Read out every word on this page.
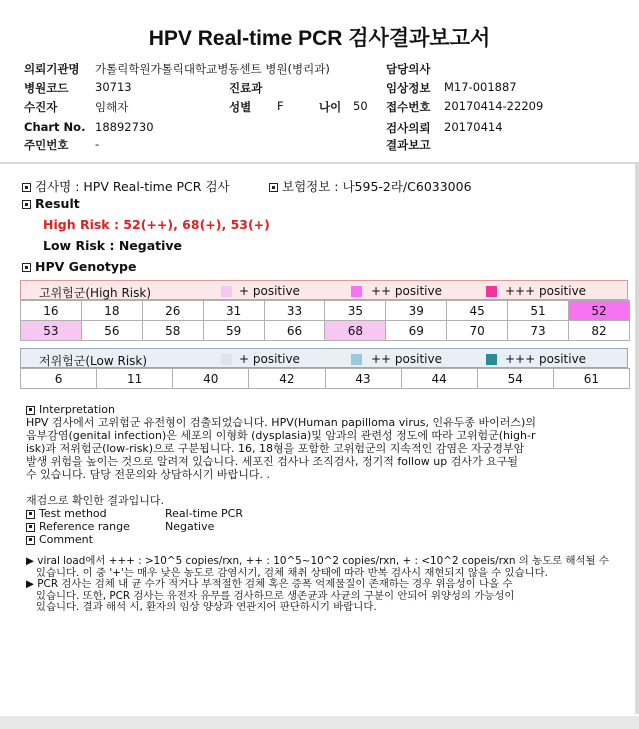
HPV Real-time PCR 검사결과보고서
의뢰기관명 가톨릭학원가톨릭대학교병동센트 병원(병리과)	담당의사
병원코드 30713	진료과	임상정보 M17-001887
수진자	임해자	성별 F	나이 50 접수번호 20170414-22209
Chart No. 18892730	검사의뢰 20170414
주민번호 -	결과보고
검사명 : HPV Real-time PCR 검사	보험정보 : 나595-2라/C6033006
Result
High Risk : 52(++), 68(+), 53(+)
Low Risk : Negative
HPV Genotype
고위험군(High Risk)	+ positive	++ positive	+++ positive
16	18	26	31	33	35	39	45	51	52
53	56	58	59	66	68	69	70	73	82
저위험군(Low Risk)	+ positive	++ positive	+++ positive
6	11	40	42	43	44	54	61

Interpretation

HPV 검사에서 고위험군 유전형이 검출되었습니다. HPV(Human papilloma virus, 인유두종 바이러스)의

음부감염(genital infection)은 세포의 이형화 (dysplasia)및 암과의 관련성 정도에 따라 고위험군(high-r

isk)과 저위험군(low-risk)으로 구분됩니다. 16, 18형을 포함한 고위험군의 지속적인 감염은 자궁경부암

발생 위험을 높이는 것으로 알려져 있습니다. 세포진 검사나 조직검사, 정기적 follow up 검사가 요구될

수 있습니다. 담당 전문의와 상담하시기 바랍니다. .

재검으로 확인한 결과입니다.

Test method	Real-time PCR

Reference range	Negative

Comment

▶ viral load에서 +++ : >10^5 copies/rxn, ++ : 10^5~10^2 copies/rxn, + : <10^2 copeis/rxn 의 농도로 해석될 수
있습니다. 이 중 '+'는 매우 낮은 농도로 감염시기, 검체 채취 상태에 따라 반복 검사시 재현되지 않을 수 있습니다.
▶ PCR 검사는 검체 내 균 수가 적거나 부적절한 검체 혹은 증폭 억제물질이 존재하는 경우 위음성이 나올 수
있습니다. 또한, PCR 검사는 유전자 유무를 검사하므로 생존균과 사균의 구분이 안되어 위양성의 가능성이
있습니다. 결과 해석 시, 환자의 임상 양상과 연관지어 판단하시기 바랍니다.
